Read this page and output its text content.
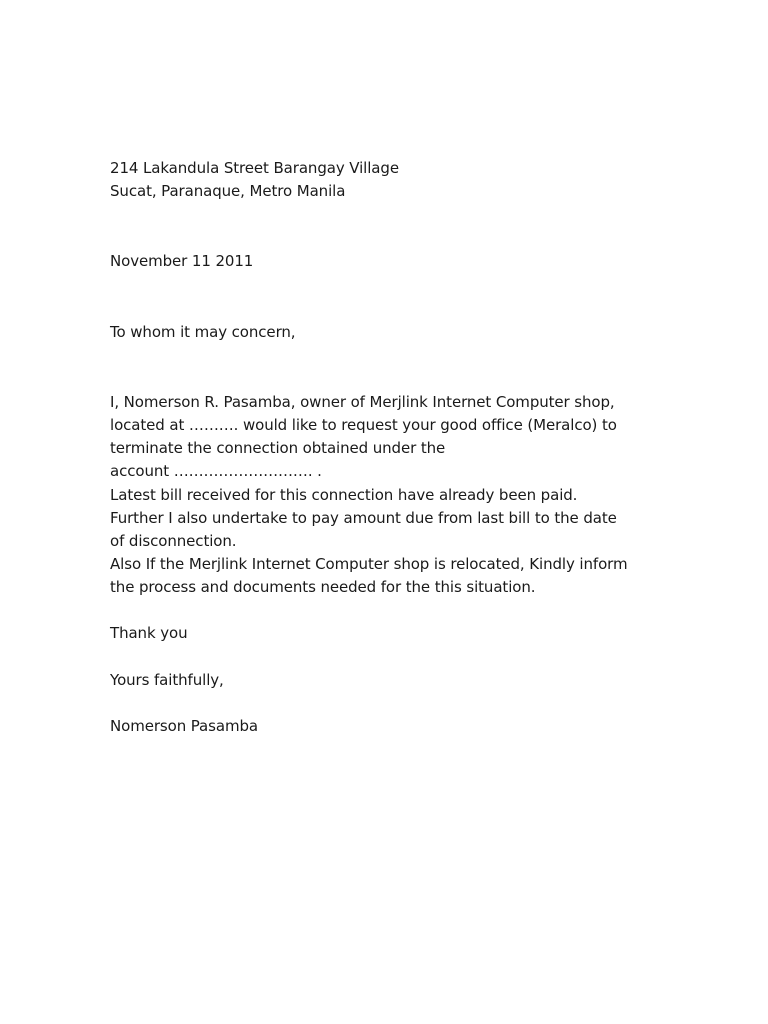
214 Lakandula Street Barangay Village
Sucat, Paranaque, Metro Manila
November 11 2011
To whom it may concern,
I, Nomerson R. Pasamba, owner of Merjlink Internet Computer shop,
located at ………. would like to request your good office (Meralco) to
terminate the connection obtained under the
account ………………………. .
Latest bill received for this connection have already been paid.
Further I also undertake to pay amount due from last bill to the date
of disconnection.
Also If the Merjlink Internet Computer shop is relocated, Kindly inform
the process and documents needed for the this situation.
Thank you
Yours faithfully,
Nomerson Pasamba
